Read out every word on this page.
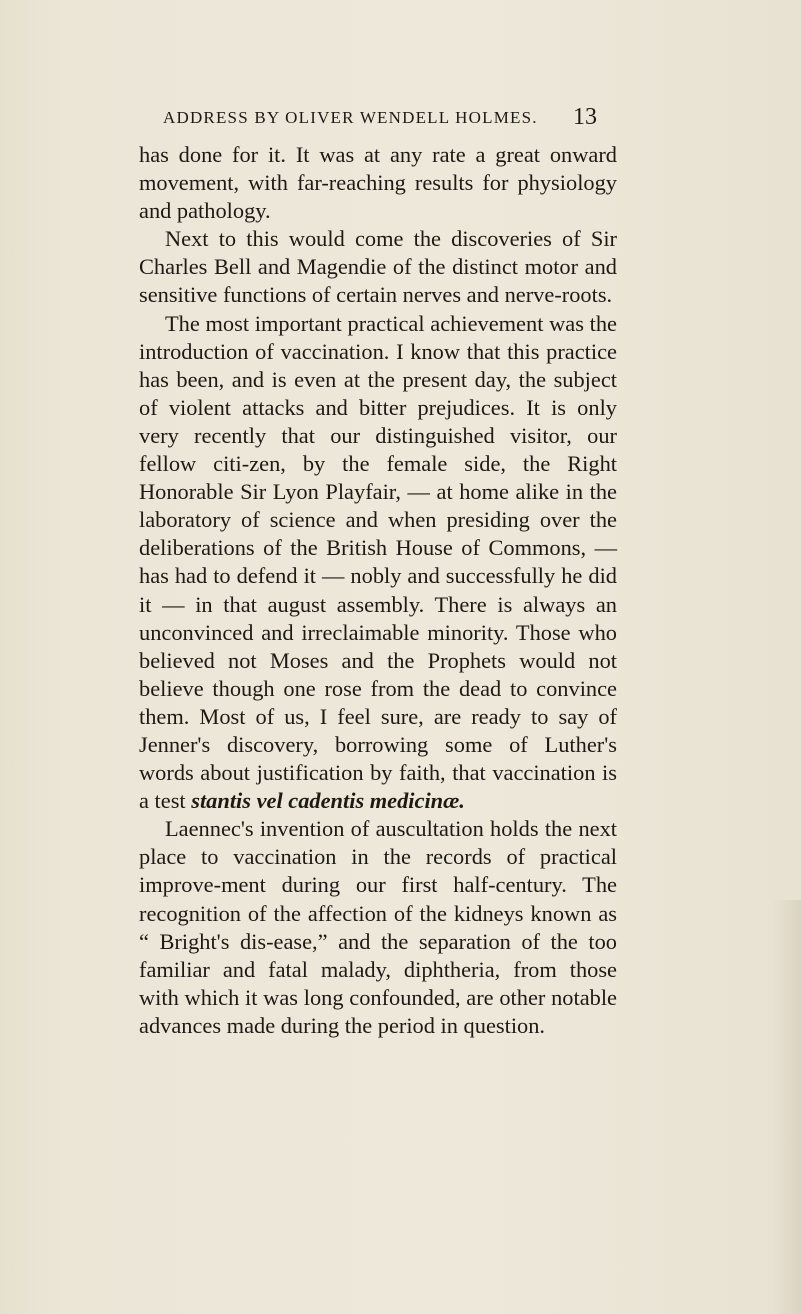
ADDRESS BY OLIVER WENDELL HOLMES. 13

has done for it. It was at any rate a great onward movement, with far-reaching results for physiology and pathology.

Next to this would come the discoveries of Sir Charles Bell and Magendie of the distinct motor and sensitive functions of certain nerves and nerve-roots.

The most important practical achievement was the introduction of vaccination. I know that this practice has been, and is even at the present day, the subject of violent attacks and bitter prejudices. It is only very recently that our distinguished visitor, our fellow citi-zen, by the female side, the Right Honorable Sir Lyon Playfair, — at home alike in the laboratory of science and when presiding over the deliberations of the British House of Commons, — has had to defend it — nobly and successfully he did it — in that august assembly. There is always an unconvinced and irreclaimable minority. Those who believed not Moses and the Prophets would not believe though one rose from the dead to convince them. Most of us, I feel sure, are ready to say of Jenner's discovery, borrowing some of Luther's words about justification by faith, that vaccination is a test stantis vel cadentis medicinæ.

Laennec's invention of auscultation holds the next place to vaccination in the records of practical improve-ment during our first half-century. The recognition of the affection of the kidneys known as “ Bright's dis-ease,” and the separation of the too familiar and fatal malady, diphtheria, from those with which it was long confounded, are other notable advances made during the period in question.
